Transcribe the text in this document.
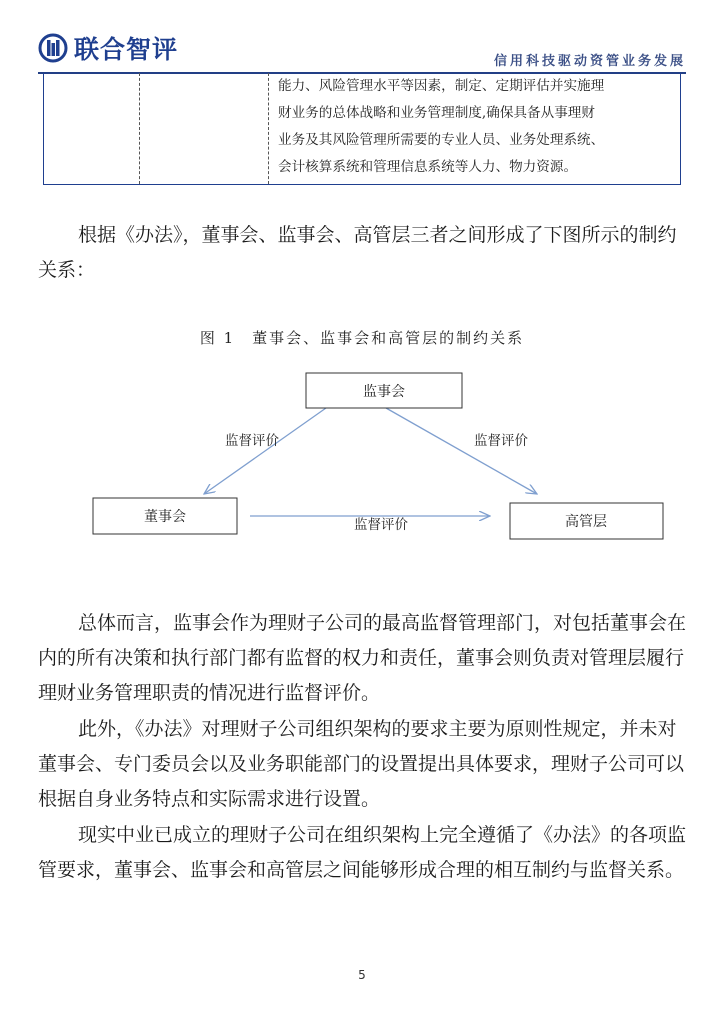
联合智评	信用科技驱动资管业务发展
能力、风险管理水平等因素，制定、定期评估并实施理
财业务的总体战略和业务管理制度,确保具备从事理财
业务及其风险管理所需要的专业人员、业务处理系统、
会计核算系统和管理信息系统等人力、物力资源。

根据《办法》，董事会、监事会、高管层三者之间形成了下图所示的制约关系：

图 1　董事会、监事会和高管层的制约关系
监事会
董事会	高管层
监督评价	监督评价
监督评价

总体而言，监事会作为理财子公司的最高监督管理部门，对包括董事会在内的所有决策和执行部门都有监督的权力和责任，董事会则负责对管理层履行理财业务管理职责的情况进行监督评价。

此外，《办法》对理财子公司组织架构的要求主要为原则性规定，并未对董事会、专门委员会以及业务职能部门的设置提出具体要求，理财子公司可以根据自身业务特点和实际需求进行设置。

现实中业已成立的理财子公司在组织架构上完全遵循了《办法》的各项监管要求，董事会、监事会和高管层之间能够形成合理的相互制约与监督关系。

5
